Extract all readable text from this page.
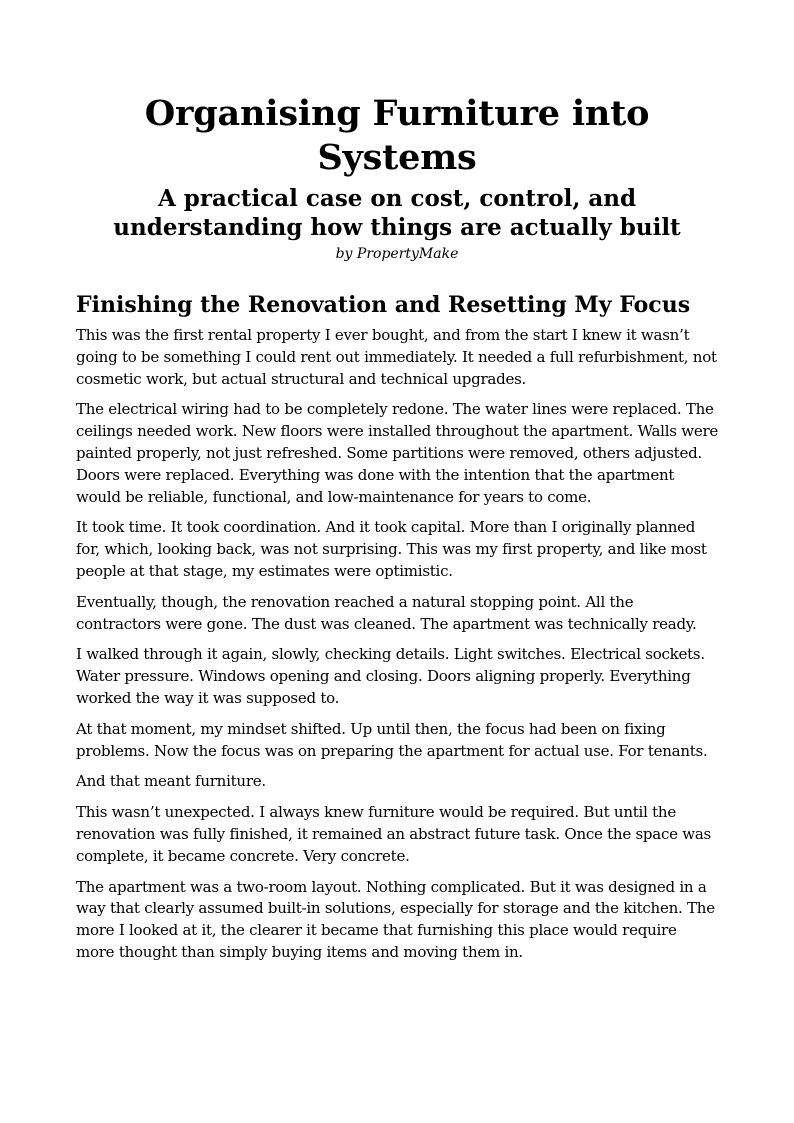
Organising Furniture into Systems
A practical case on cost, control, and understanding how things are actually built

by PropertyMake

Finishing the Renovation and Resetting My Focus

This was the first rental property I ever bought, and from the start I knew it wasn’t going to be something I could rent out immediately. It needed a full refurbishment, not cosmetic work, but actual structural and technical upgrades.

The electrical wiring had to be completely redone. The water lines were replaced. The ceilings needed work. New floors were installed throughout the apartment. Walls were painted properly, not just refreshed. Some partitions were removed, others adjusted. Doors were replaced. Everything was done with the intention that the apartment would be reliable, functional, and low-maintenance for years to come.

It took time. It took coordination. And it took capital. More than I originally planned for, which, looking back, was not surprising. This was my first property, and like most people at that stage, my estimates were optimistic.

Eventually, though, the renovation reached a natural stopping point. All the contractors were gone. The dust was cleaned. The apartment was technically ready.

I walked through it again, slowly, checking details. Light switches. Electrical sockets. Water pressure. Windows opening and closing. Doors aligning properly. Everything worked the way it was supposed to.

At that moment, my mindset shifted. Up until then, the focus had been on fixing problems. Now the focus was on preparing the apartment for actual use. For tenants.

And that meant furniture.

This wasn’t unexpected. I always knew furniture would be required. But until the renovation was fully finished, it remained an abstract future task. Once the space was complete, it became concrete. Very concrete.

The apartment was a two-room layout. Nothing complicated. But it was designed in a way that clearly assumed built-in solutions, especially for storage and the kitchen. The more I looked at it, the clearer it became that furnishing this place would require more thought than simply buying items and moving them in.
